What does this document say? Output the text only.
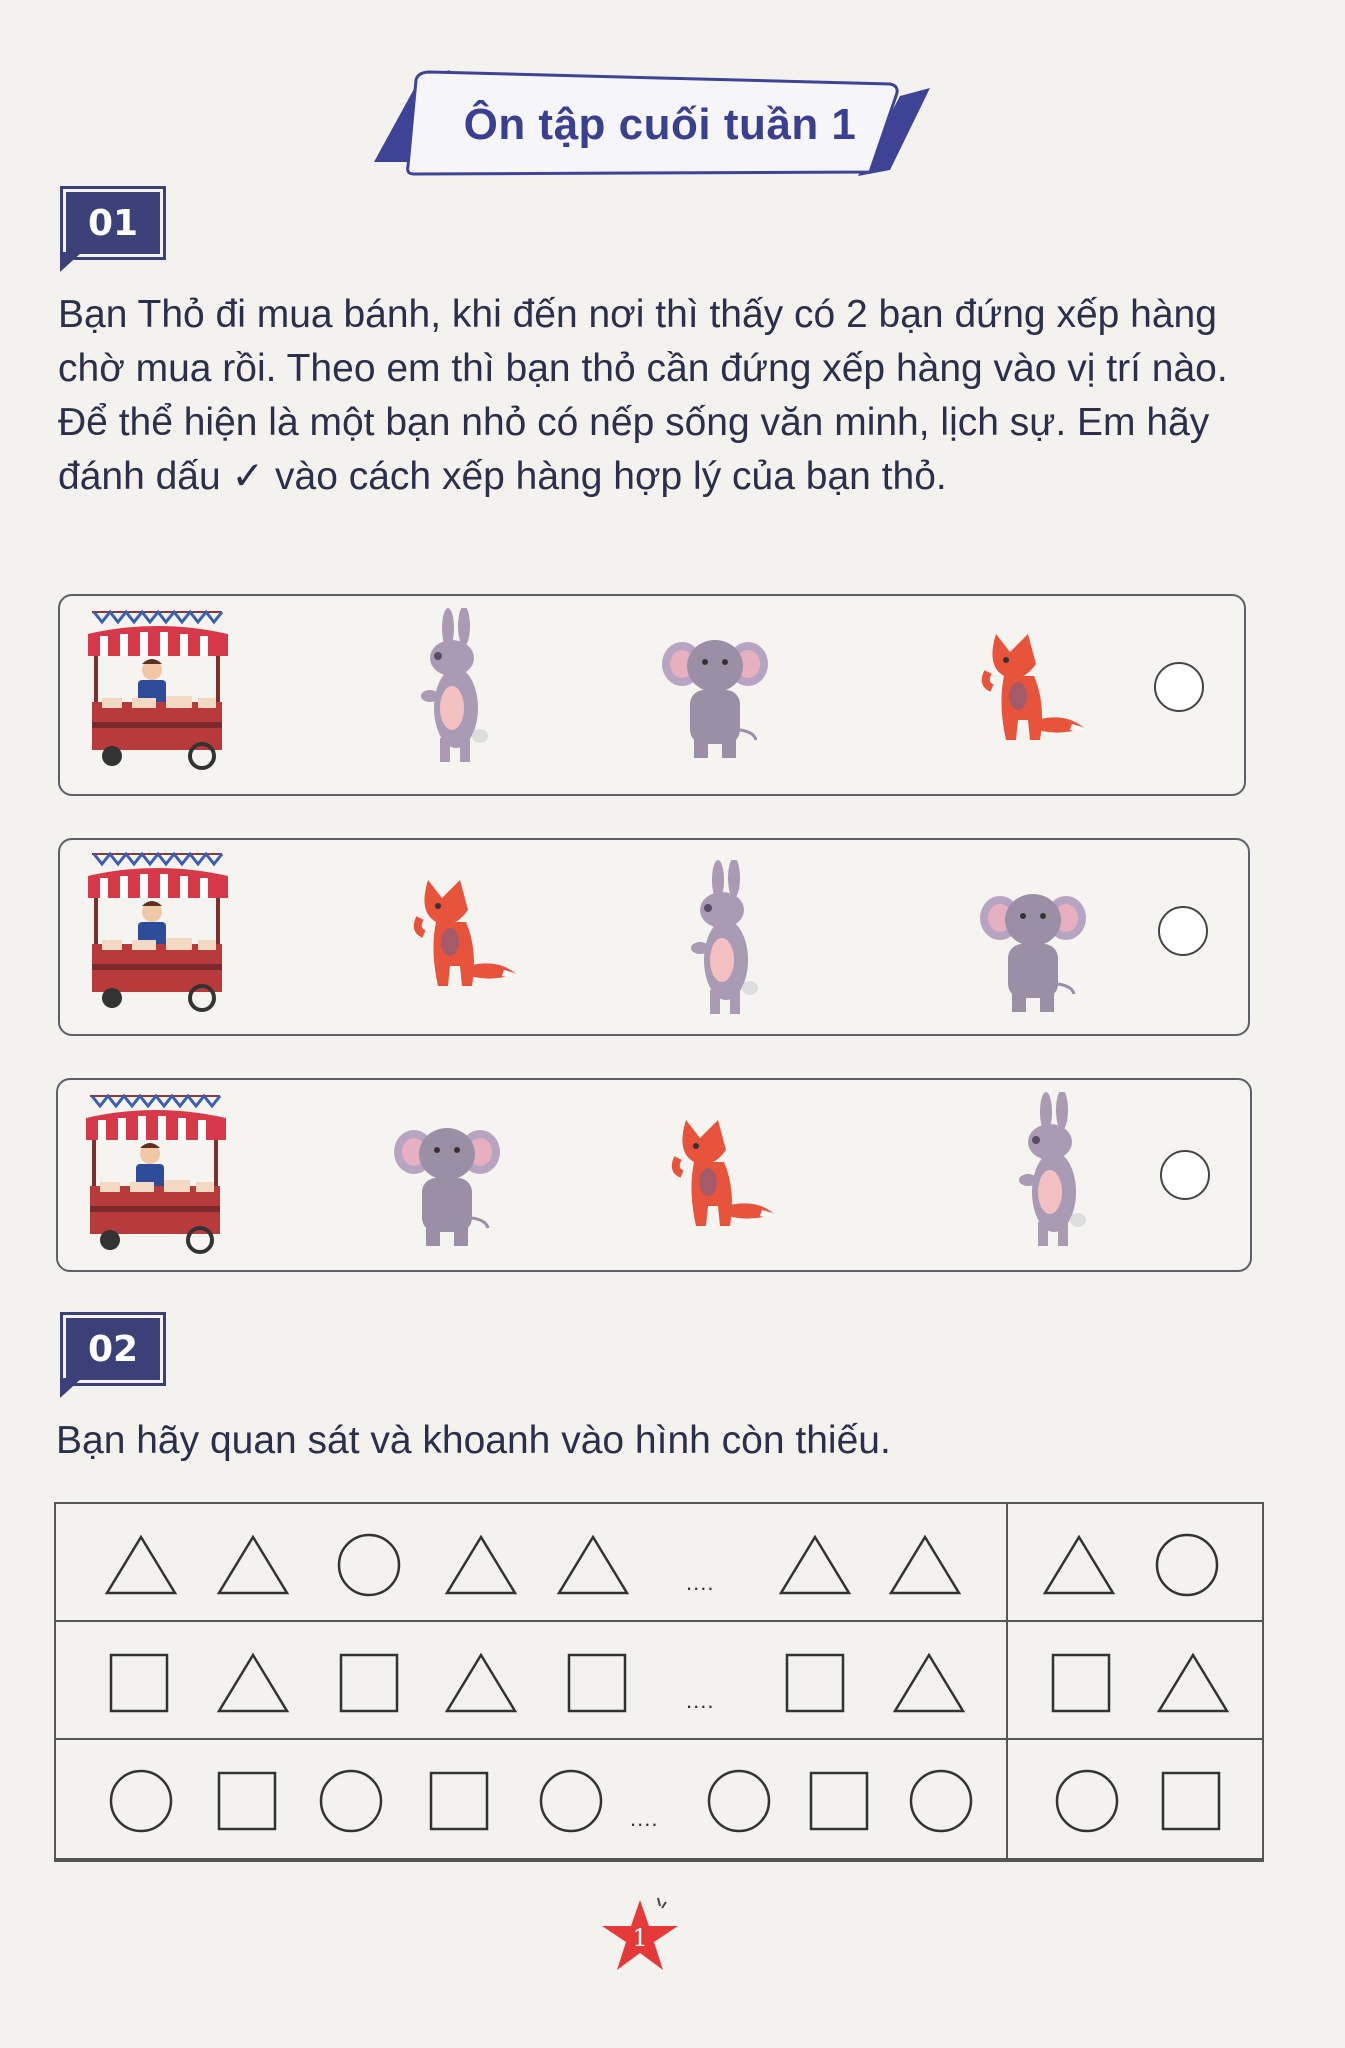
Ôn tập cuối tuần 1
01
Bạn Thỏ đi mua bánh, khi đến nơi thì thấy có 2 bạn đứng xếp hàng chờ mua rồi. Theo em thì bạn thỏ cần đứng xếp hàng vào vị trí nào. Để thể hiện là một bạn nhỏ có nếp sống văn minh, lịch sự. Em hãy đánh dấu ✓ vào cách xếp hàng hợp lý của bạn thỏ.
02
Bạn hãy quan sát và khoanh vào hình còn thiếu.
....
....
....
1
